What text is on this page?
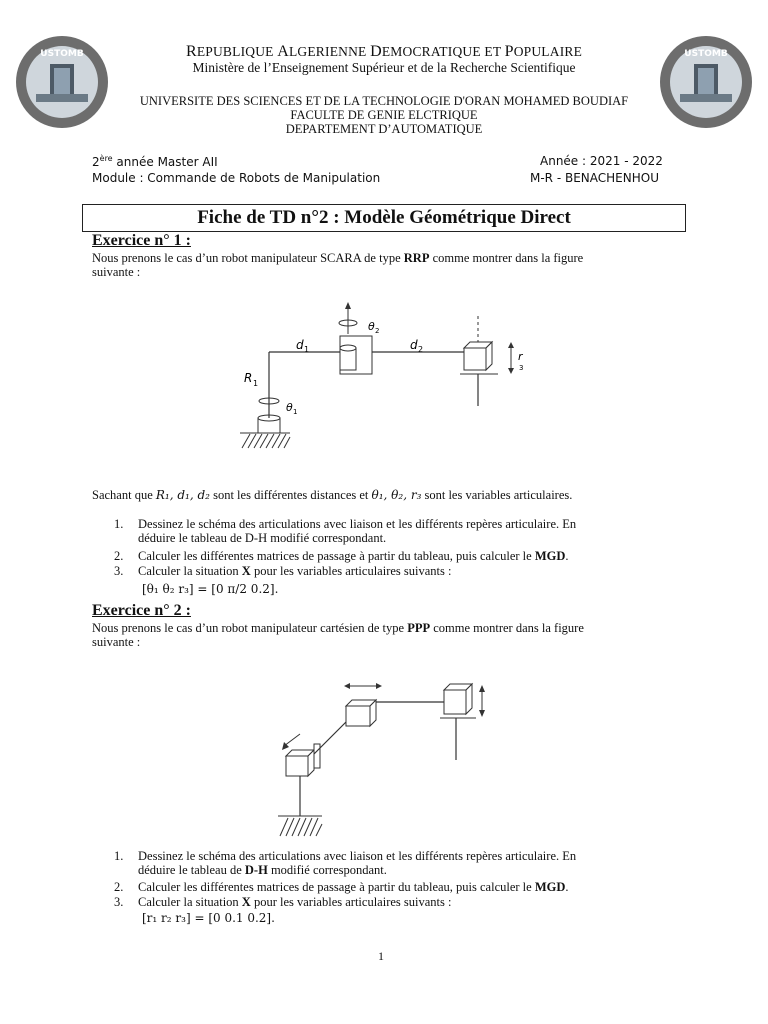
USTOMB	USTOMB
REPUBLIQUE ALGERIENNE DEMOCRATIQUE ET POPULAIRE
Ministère de l’Enseignement Supérieur et de la Recherche Scientifique
UNIVERSITE DES SCIENCES ET DE LA TECHNOLOGIE D'ORAN MOHAMED BOUDIAF
FACULTE DE GENIE ELCTRIQUE
DEPARTEMENT D’AUTOMATIQUE
2ère année Master AII
Module : Commande de Robots de Manipulation
Année : 2021 - 2022
M-R - BENACHENHOU
Fiche de TD n°2 : Modèle Géométrique Direct
Exercice n° 1 :
Nous prenons le cas d’un robot manipulateur SCARA de type RRP comme montrer dans la figure
suivante :
d 1	d 2
R 1
θ 1
θ 2
r
3
Sachant que R₁, d₁, d₂ sont les différentes distances et θ₁, θ₂, r₃ sont les variables articulaires.
1. Dessinez le schéma des articulations avec liaison et les différents repères articulaire. En
déduire le tableau de D-H modifié correspondant.
2. Calculer les différentes matrices de passage à partir du tableau, puis calculer le MGD.
3. Calculer la situation X pour les variables articulaires suivants :
[θ₁ θ₂ r₃] = [0 π/2 0.2].
Exercice n° 2 :
Nous prenons le cas d’un robot manipulateur cartésien de type PPP comme montrer dans la figure
suivante :
1. Dessinez le schéma des articulations avec liaison et les différents repères articulaire. En
déduire le tableau de D-H modifié correspondant.
2. Calculer les différentes matrices de passage à partir du tableau, puis calculer le MGD.
3. Calculer la situation X pour les variables articulaires suivants :
[r₁ r₂ r₃] = [0 0.1 0.2].
1
